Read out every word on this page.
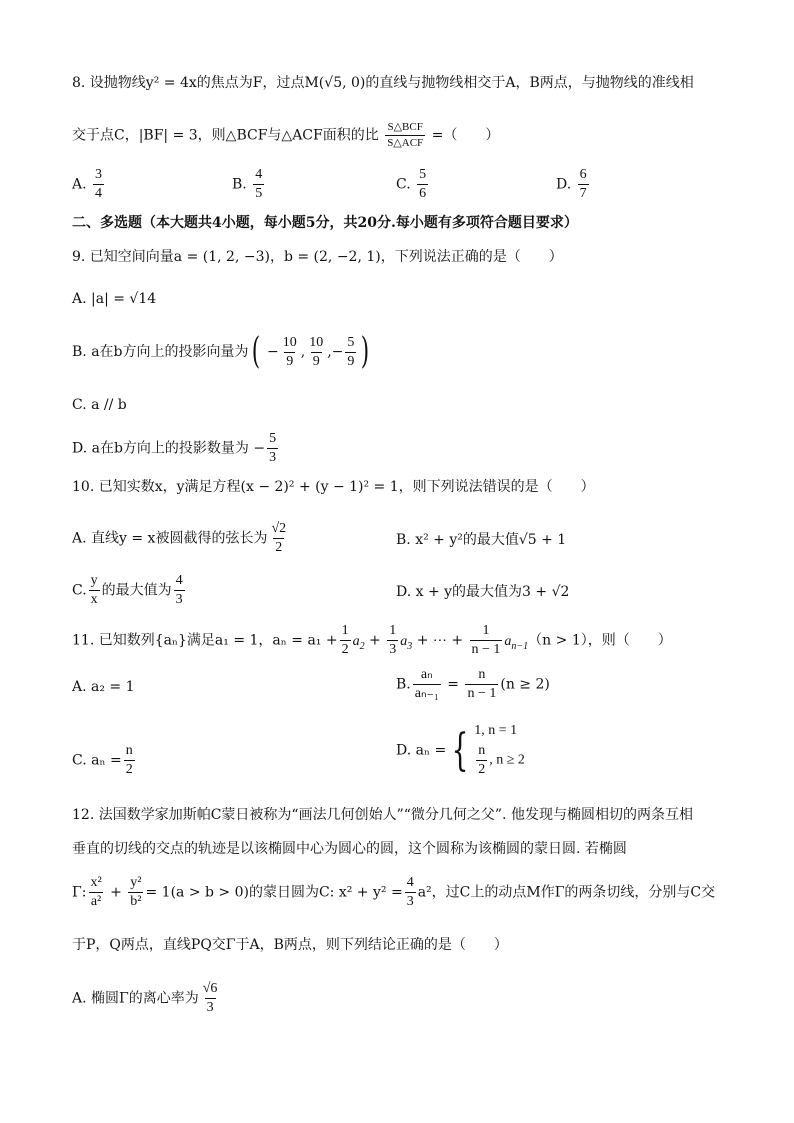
8. 设抛物线y² = 4x的焦点为F，过点M(√5, 0)的直线与抛物线相交于A，B两点，与抛物线的准线相
交于点C，|BF| = 3，则△BCF与△ACF面积的比 $\frac{\text{S△BCF}}{\text{S△ACF}}$ =（　　）
A. $\frac{3}{4}$	B. $\frac{4}{5}$	C. $\frac{5}{6}$	D. $\frac{6}{7}$
二、多选题（本大题共4小题，每小题5分，共20分.每小题有多项符合题目要求）
9. 已知空间向量a = (1, 2, −3)，b = (2, −2, 1)，下列说法正确的是（　　）
A. |a| = √14
B. a在b方向上的投影向量为( − $\frac{10}{9}$ , $\frac{10}{9}$ ,− $\frac{5}{9}$ )
C. a // b
D. a在b方向上的投影数量为 − $\frac{5}{3}$
10. 已知实数x，y满足方程(x − 2)² + (y − 1)² = 1，则下列说法错误的是（　　）
A. 直线y = x被圆截得的弦长为 $\frac{√2}{2}$	B. x² + y²的最大值√5 + 1
C. $\frac{y}{x}$ 的最大值为 $\frac{4}{3}$	D. x + y的最大值为3 + √2
11. 已知数列{aₙ}满足a₁ = 1，$a_n = a_1 + \frac{1}{2} a_2 + \frac{1}{3} a_3$ + ⋯ + $\frac{1}{n - 1} a_{n-1}(n > 1)$，则（　　）
A. a₂ = 1	B. $\frac{\text{aₙ}}{\text{aₙ₋₁}} = \frac{n}{n - 1} (n \ge 2)$
C. $a_n = \frac{n}{2}$	D. aₙ = { 1, n = 1
$\frac{n}{2}$ , n ≥ 2
12. 法国数学家加斯帕C蒙日被称为“画法几何创始人”“微分几何之父”. 他发现与椭圆相切的两条互相
垂直的切线的交点的轨迹是以该椭圆中心为圆心的圆，这个圆称为该椭圆的蒙日圆. 若椭圆
Γ: $\frac{\text{x²}}{\text{a²}} + \frac{\text{y²}}{\text{b²}} = 1(a > b > 0)$的蒙日圆为C: $x^2 + y^2 = \frac{4}{3} a^2$，过C上的动点M作Γ的两条切线，分别与C交
于P，Q两点，直线PQ交Γ于A，B两点，则下列结论正确的是（　　）
A. 椭圆Γ的离心率为 $\frac{√6}{3}$
